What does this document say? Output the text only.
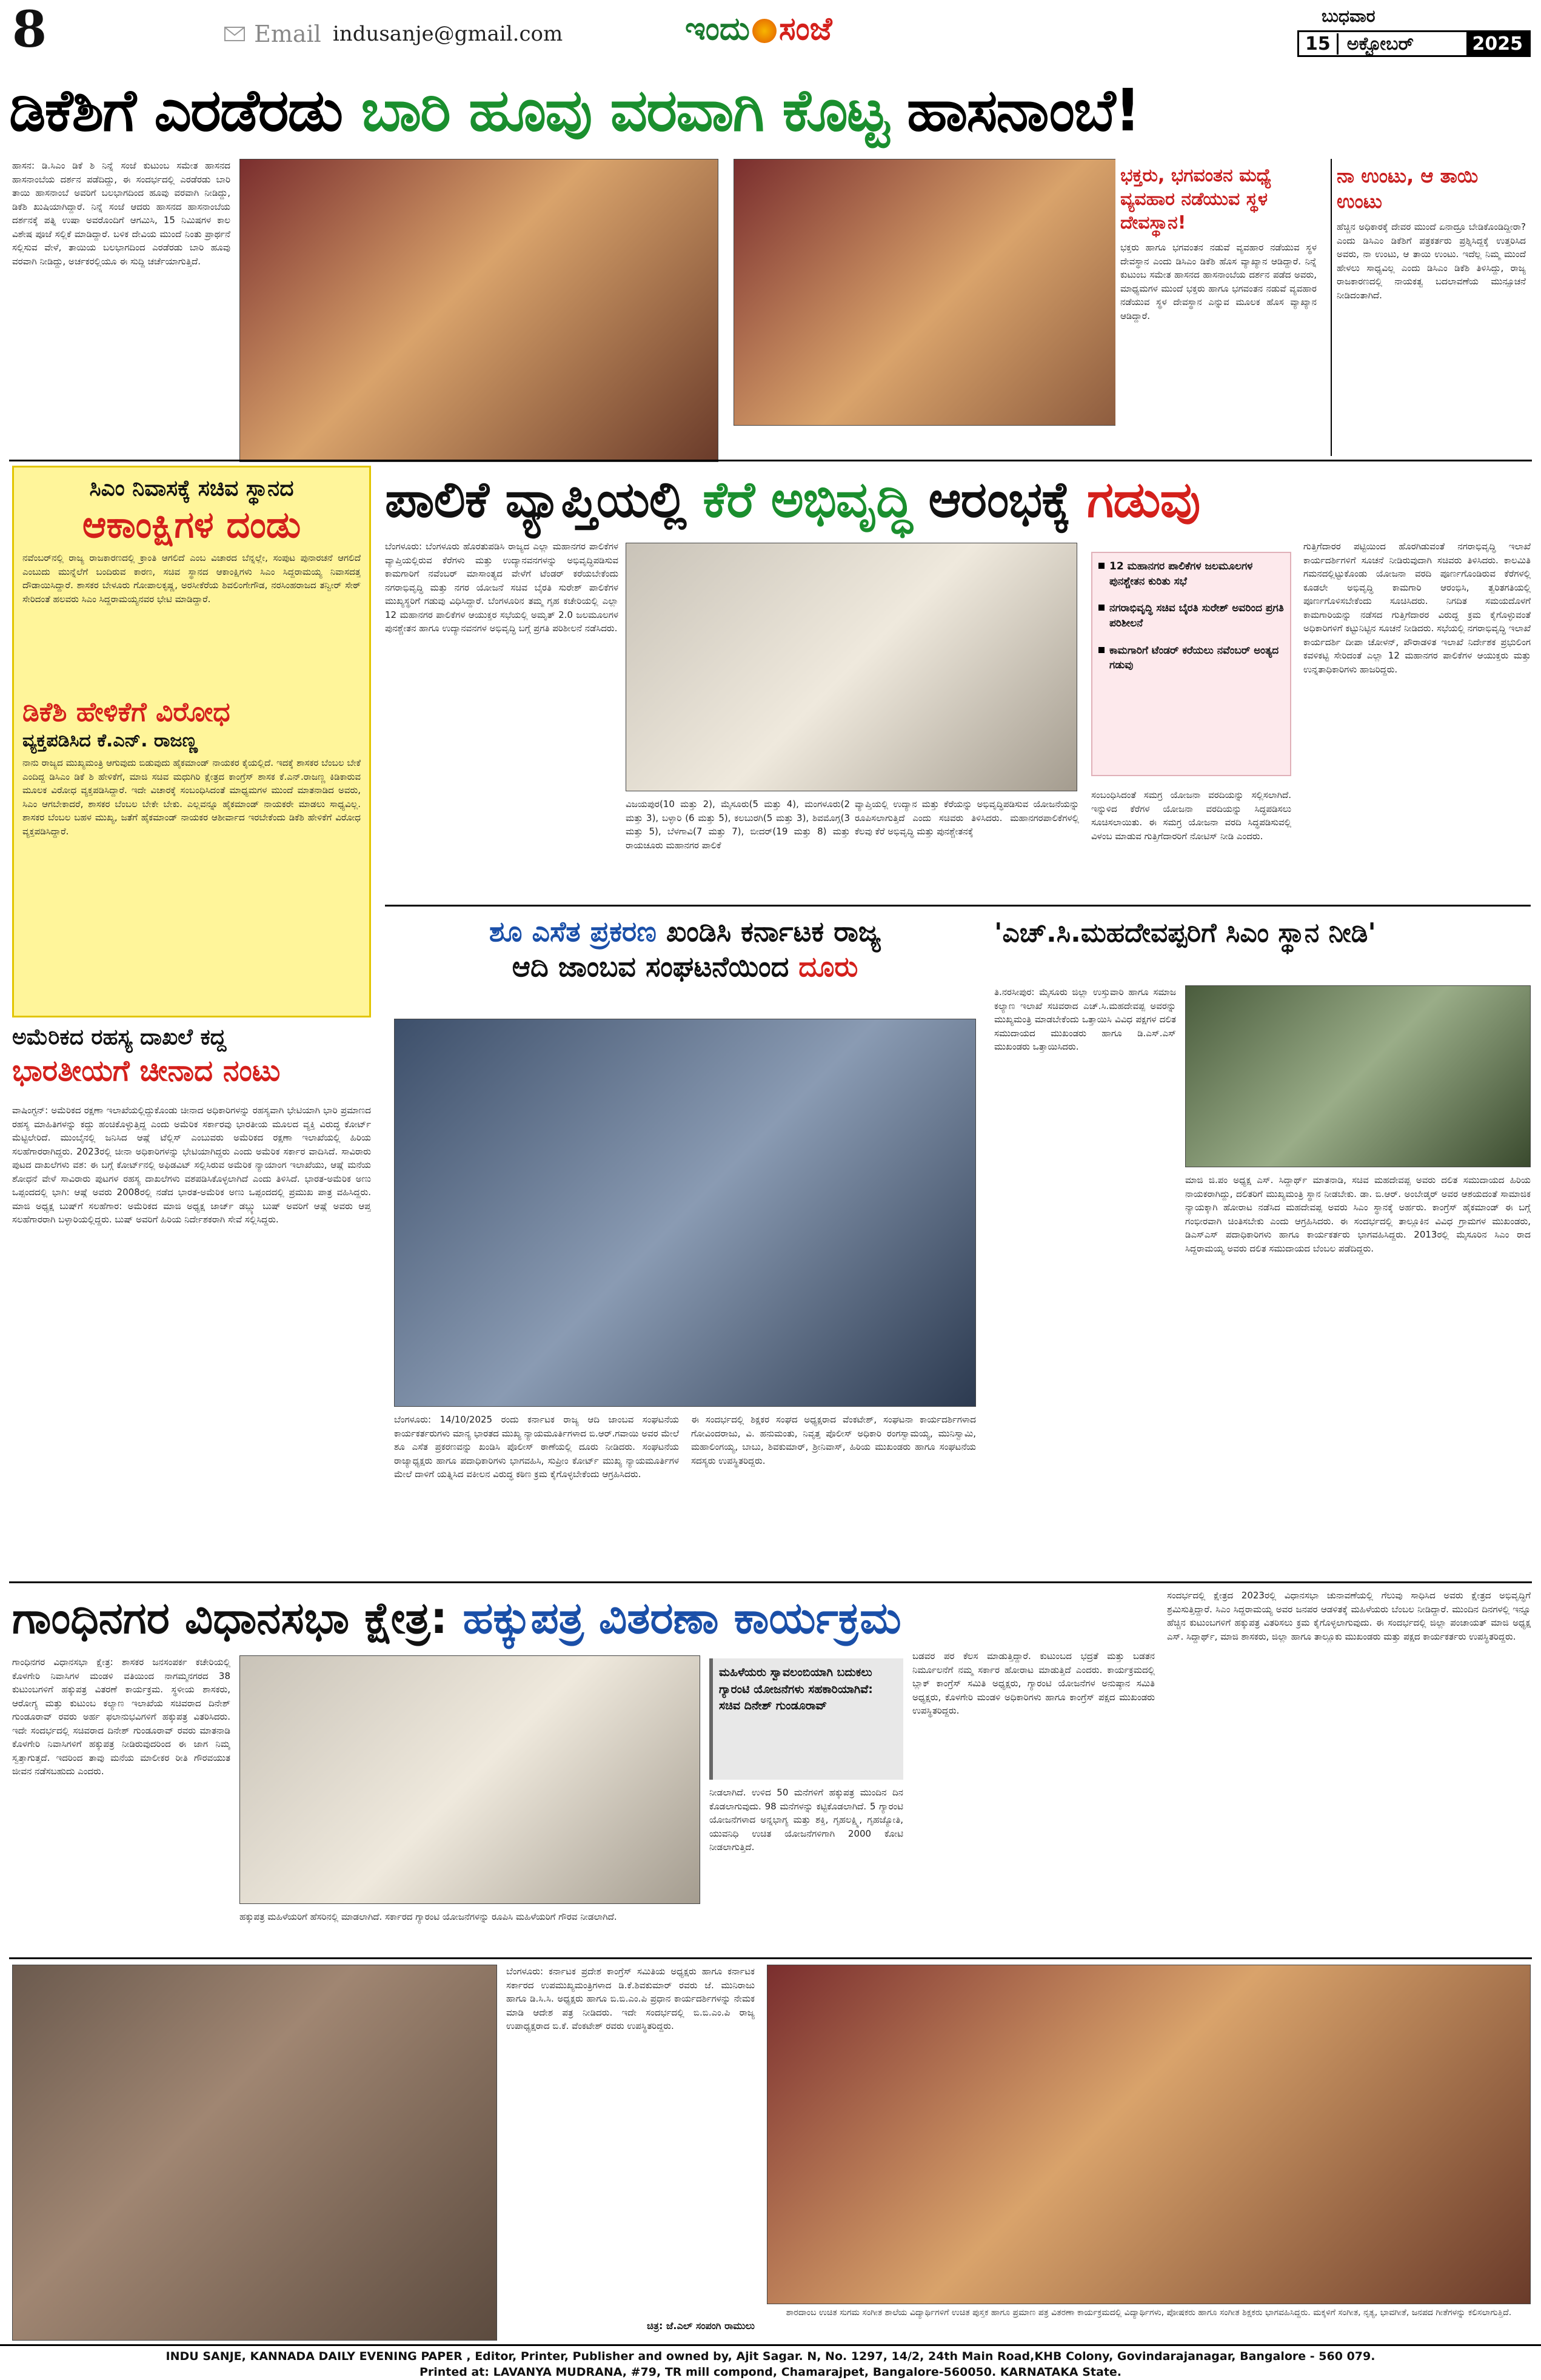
8	Email indusanje@gmail.com	ಇಂದು ಸಂಜೆ	ಬುಧವಾರ
15 ಅಕ್ಟೋಬರ್	2025
ಡಿಕೆಶಿಗೆ ಎರಡೆರಡು ಬಾರಿ ಹೂವು ವರವಾಗಿ ಕೊಟ್ಟ ಹಾಸನಾಂಬೆ!
ಹಾಸನ: ಡಿ.ಸಿಎಂ ಡಿಕೆ ಶಿ ನಿನ್ನೆ ಸಂಜೆ ಕುಟುಂಬ ಸಮೇತ ಹಾಸನದ ಹಾಸನಾಂಬೆಯ ದರ್ಶನ ಪಡೆದಿದ್ದು, ಈ ಸಂದರ್ಭದಲ್ಲಿ ಎರಡೆರಡು ಬಾರಿ ತಾಯಿ ಹಾಸನಾಂಬೆ ಅವರಿಗೆ ಬಲಭಾಗದಿಂದ ಹೂವು ವರವಾಗಿ ನೀಡಿದ್ದು, ಡಿಕೆಶಿ ಖುಷಿಯಾಗಿದ್ದಾರೆ. ನಿನ್ನೆ ಸಂಜೆ ಆದರು ಹಾಸನದ ಹಾಸನಾಂಬೆಯ ದರ್ಶನಕ್ಕೆ ಪತ್ನಿ ಉಷಾ ಅವರೊಂದಿಗೆ ಆಗಮಿಸಿ, 15 ನಿಮಿಷಗಳ ಕಾಲ ವಿಶೇಷ ಪೂಜೆ ಸಲ್ಲಿಕೆ ಮಾಡಿದ್ದಾರೆ. ಬಳಿಕ ದೇವಿಯ ಮುಂದೆ ನಿಂತು ಪ್ರಾರ್ಥನೆ ಸಲ್ಲಿಸುವ ವೇಳೆ, ತಾಯಿಯ ಬಲಭಾಗದಿಂದ ಎರಡೆರಡು ಬಾರಿ ಹೂವು ವರವಾಗಿ ನೀಡಿದ್ದು, ಅರ್ಚಕರಲ್ಲಿಯೂ ಈ ಸುದ್ದಿ ಚರ್ಚೆಯಾಗುತ್ತಿದೆ.
ಭಕ್ತರು, ಭಗವಂತನ ಮಧ್ಯೆ ವ್ಯವಹಾರ ನಡೆಯುವ ಸ್ಥಳ ದೇವಸ್ಥಾನ!
ಭಕ್ತರು ಹಾಗೂ ಭಗವಂತನ ನಡುವೆ ವ್ಯವಹಾರ ನಡೆಯುವ ಸ್ಥಳ ದೇವಸ್ಥಾನ ಎಂದು ಡಿಸಿಎಂ ಡಿಕೆಶಿ ಹೊಸ ವ್ಯಾಖ್ಯಾನ ಆಡಿದ್ದಾರೆ. ನಿನ್ನೆ ಕುಟುಂಬ ಸಮೇತ ಹಾಸನದ ಹಾಸನಾಂಬೆಯ ದರ್ಶನ ಪಡೆದ ಅವರು, ಮಾಧ್ಯಮಗಳ ಮುಂದೆ ಭಕ್ತರು ಹಾಗೂ ಭಗವಂತನ ನಡುವೆ ವ್ಯವಹಾರ ನಡೆಯುವ ಸ್ಥಳ ದೇವಸ್ಥಾನ ಎನ್ನುವ ಮೂಲಕ ಹೊಸ ವ್ಯಾಖ್ಯಾನ ಆಡಿದ್ದಾರೆ.
ನಾ ಉಂಟು, ಆ ತಾಯಿ ಉಂಟು
ಹೆಚ್ಚಿನ ಅಧಿಕಾರಕ್ಕೆ ದೇವರ ಮುಂದೆ ಏನಾದ್ರೂ ಬೇಡಿಕೊಂಡಿದ್ದೀರಾ? ಎಂದು ಡಿಸಿಎಂ ಡಿಕೆಶಿಗೆ ಪತ್ರಕರ್ತರು ಪ್ರಶ್ನಿಸಿದ್ದಕ್ಕೆ ಉತ್ತರಿಸಿದ ಅವರು, ನಾ ಉಂಟು, ಆ ತಾಯಿ ಉಂಟು. ಇದೆಲ್ಲ ನಿಮ್ಮ ಮುಂದೆ ಹೇಳಲು ಸಾಧ್ಯವಿಲ್ಲ ಎಂದು ಡಿಸಿಎಂ ಡಿಕೆಶಿ ತಿಳಿಸಿದ್ದು, ರಾಜ್ಯ ರಾಜಕಾರಣದಲ್ಲಿ ನಾಯಕತ್ವ ಬದಲಾವಣೆಯ ಮುನ್ಸೂಚನೆ ನೀಡಿದಂತಾಗಿದೆ.
ಸಿಎಂ ನಿವಾಸಕ್ಕೆ ಸಚಿವ ಸ್ಥಾನದ
ಆಕಾಂಕ್ಷಿಗಳ ದಂಡು
ನವೆಂಬರ್‌ನಲ್ಲಿ ರಾಜ್ಯ ರಾಜಕಾರಣದಲ್ಲಿ ಕ್ರಾಂತಿ ಆಗಲಿದೆ ಎಂಬ ವಿಚಾರದ ಬೆನ್ನಲ್ಲೇ, ಸಂಪುಟ ಪುನಾರಚನೆ ಆಗಲಿದೆ ಎಂಬುದು ಮುನ್ನೆಲೆಗೆ ಬಂದಿರುವ ಕಾರಣ, ಸಚಿವ ಸ್ಥಾನದ ಆಕಾಂಕ್ಷಿಗಳು ಸಿಎಂ ಸಿದ್ದರಾಮಯ್ಯ ನಿವಾಸದತ್ತ ದೌಡಾಯಿಸಿದ್ದಾರೆ. ಶಾಸಕರ ಬೇಳೂರು ಗೋಪಾಲಕೃಷ್ಣ, ಅರಸೀಕೆರೆಯ ಶಿವಲಿಂಗೇಗೌಡ, ನರಸಿಂಹರಾಜದ ತನ್ವೀರ್ ಸೇಠ್ ಸೇರಿದಂತೆ ಹಲವರು ಸಿಎಂ ಸಿದ್ದರಾಮಯ್ಯನವರ ಭೇಟಿ ಮಾಡಿದ್ದಾರೆ.
ಡಿಕೆಶಿ ಹೇಳಿಕೆಗೆ ವಿರೋಧ
ವ್ಯಕ್ತಪಡಿಸಿದ ಕೆ.ಎನ್. ರಾಜಣ್ಣ
ನಾನು ರಾಜ್ಯದ ಮುಖ್ಯಮಂತ್ರಿ ಆಗುವುದು ಬಿಡುವುದು ಹೈಕಮಾಂಡ್ ನಾಯಕರ ಕೈಯಲ್ಲಿದೆ. ಇದಕ್ಕೆ ಶಾಸಕರ ಬೆಂಬಲ ಬೇಕೆ ಎಂದಿದ್ದ ಡಿಸಿಎಂ ಡಿಕೆ ಶಿ ಹೇಳಿಕೆಗೆ, ಮಾಜಿ ಸಚಿವ ಮಧುಗಿರಿ ಕ್ಷೇತ್ರದ ಕಾಂಗ್ರೆಸ್ ಶಾಸಕ ಕೆ.ಎನ್.ರಾಜಣ್ಣ ಕಿಡಿಕಾರುವ ಮೂಲಕ ವಿರೋಧ ವ್ಯಕ್ತಪಡಿಸಿದ್ದಾರೆ. ಇದೇ ವಿಚಾರಕ್ಕೆ ಸಂಬಂಧಿಸಿದಂತೆ ಮಾಧ್ಯಮಗಳ ಮುಂದೆ ಮಾತನಾಡಿದ ಅವರು, ಸಿಎಂ ಆಗಬೇಕಾದರೆ, ಶಾಸಕರ ಬೆಂಬಲ ಬೇಕೇ ಬೇಕು. ಎಲ್ಲವನ್ನೂ ಹೈಕಮಾಂಡ್ ನಾಯಕರೇ ಮಾಡಲು ಸಾಧ್ಯವಿಲ್ಲ. ಶಾಸಕರ ಬೆಂಬಲ ಬಹಳ ಮುಖ್ಯ, ಜತೆಗೆ ಹೈಕಮಾಂಡ್ ನಾಯಕರ ಆಶೀರ್ವಾದ ಇರಬೇಕೆಂದು ಡಿಕೆಶಿ ಹೇಳಿಕೆಗೆ ವಿರೋಧ ವ್ಯಕ್ತಪಡಿಸಿದ್ದಾರೆ.
ಪಾಲಿಕೆ ವ್ಯಾಪ್ತಿಯಲ್ಲಿ ಕೆರೆ ಅಭಿವೃದ್ಧಿ ಆರಂಭಕ್ಕೆ ಗಡುವು
ಬೆಂಗಳೂರು: ಬೆಂಗಳೂರು ಹೊರತುಪಡಿಸಿ ರಾಜ್ಯದ ಎಲ್ಲಾ ಮಹಾನಗರ ಪಾಲಿಕೆಗಳ ವ್ಯಾಪ್ತಿಯಲ್ಲಿರುವ ಕೆರೆಗಳು ಮತ್ತು ಉದ್ಯಾನವನಗಳನ್ನು ಅಭಿವೃದ್ಧಿಪಡಿಸುವ ಕಾಮಗಾರಿಗೆ ನವೆಂಬರ್ ಮಾಸಾಂತ್ಯದ ವೇಳೆಗೆ ಟೆಂಡರ್ ಕರೆಯಬೇಕೆಂದು ನಗರಾಭಿವೃದ್ಧಿ ಮತ್ತು ನಗರ ಯೋಜನೆ ಸಚಿವ ಬೈರತಿ ಸುರೇಶ್ ಪಾಲಿಕೆಗಳ ಮುಖ್ಯಸ್ಥರಿಗೆ ಗಡುವು ವಿಧಿಸಿದ್ದಾರೆ. ಬೆಂಗಳೂರಿನ ತಮ್ಮ ಗೃಹ ಕಚೇರಿಯಲ್ಲಿ ಎಲ್ಲಾ 12 ಮಹಾನಗರ ಪಾಲಿಕೆಗಳ ಆಯುಕ್ತರ ಸಭೆಯಲ್ಲಿ ಅಮೃತ್ 2.0 ಜಲಮೂಲಗಳ ಪುನಶ್ಚೇತನ ಹಾಗೂ ಉದ್ಯಾನವನಗಳ ಅಭಿವೃದ್ಧಿ ಬಗ್ಗೆ ಪ್ರಗತಿ ಪರಿಶೀಲನೆ ನಡೆಸಿದರು.
ವಿಜಯಪುರ(10 ಮತ್ತು 2), ಮೈಸೂರು(5 ಮತ್ತು 4), ಮಂಗಳೂರು(2 ಮತ್ತು 3), ಬಳ್ಳಾರಿ (6 ಮತ್ತು 5), ಕಲಬುರಗಿ(5 ಮತ್ತು 3), ಶಿವಮೊಗ್ಗ(3 ಮತ್ತು 5), ಬೆಳಗಾವಿ(7 ಮತ್ತು 7), ಬೀದರ್(19 ಮತ್ತು 8) ಮತ್ತು ರಾಯಚೂರು ಮಹಾನಗರ ಪಾಲಿಕೆ
ವ್ಯಾಪ್ತಿಯಲ್ಲಿ ಉದ್ಯಾನ ಮತ್ತು ಕೆರೆಯನ್ನು ಅಭಿವೃದ್ಧಿಪಡಿಸುವ ಯೋಜನೆಯನ್ನು ರೂಪಿಸಲಾಗುತ್ತಿದೆ ಎಂದು ಸಚಿವರು ತಿಳಿಸಿದರು. ಮಹಾನಗರಪಾಲಿಕೆಗಳಲ್ಲಿ ಕೆಲವು ಕೆರೆ ಅಭಿವೃದ್ಧಿ ಮತ್ತು ಪುನಶ್ಚೇತನಕ್ಕೆ
12 ಮಹಾನಗರ ಪಾಲಿಕೆಗಳ ಜಲಮೂಲಗಳ ಪುನಶ್ಚೇತನ ಕುರಿತು ಸಭೆ
ನಗರಾಭಿವೃದ್ಧಿ ಸಚಿವ ಬೈರತಿ ಸುರೇಶ್ ಅವರಿಂದ ಪ್ರಗತಿ ಪರಿಶೀಲನೆ
ಕಾಮಗಾರಿಗೆ ಟೆಂಡರ್ ಕರೆಯಲು ನವೆಂಬರ್ ಅಂತ್ಯದ ಗಡುವು
ಸಂಬಂಧಿಸಿದಂತೆ ಸಮಗ್ರ ಯೋಜನಾ ವರದಿಯನ್ನು ಸಲ್ಲಿಸಲಾಗಿದೆ. ಇನ್ನುಳಿದ ಕೆರೆಗಳ ಯೋಜನಾ ವರದಿಯನ್ನು ಸಿದ್ಧಪಡಿಸಲು ಸೂಚಿಸಲಾಯಿತು. ಈ ಸಮಗ್ರ ಯೋಜನಾ ವರದಿ ಸಿದ್ಧಪಡಿಸುವಲ್ಲಿ ವಿಳಂಬ ಮಾಡುವ ಗುತ್ತಿಗೆದಾರರಿಗೆ ನೋಟಿಸ್ ನೀಡಿ ಎಂದರು.
ಗುತ್ತಿಗೆದಾರರ ಪಟ್ಟಿಯಿಂದ ಹೊರಗಿಡುವಂತೆ ನಗರಾಭಿವೃದ್ಧಿ ಇಲಾಖೆ ಕಾರ್ಯದರ್ಶಿಗಳಿಗೆ ಸೂಚನೆ ನೀಡಿರುವುದಾಗಿ ಸಚಿವರು ತಿಳಿಸಿದರು. ಕಾಲಮಿತಿ ಗಮನದಲ್ಲಿಟ್ಟುಕೊಂಡು ಯೋಜನಾ ವರದಿ ಪೂರ್ಣಗೊಂಡಿರುವ ಕೆರೆಗಳಲ್ಲಿ ಕೂಡಲೇ ಅಭಿವೃದ್ಧಿ ಕಾಮಗಾರಿ ಆರಂಭಿಸಿ, ತ್ವರಿತಗತಿಯಲ್ಲಿ ಪೂರ್ಣಗೊಳಿಸಬೇಕೆಂದು ಸೂಚಿಸಿದರು. ನಿಗದಿತ ಸಮಯದೊಳಗೆ ಕಾಮಗಾರಿಯನ್ನು ನಡೆಸದ ಗುತ್ತಿಗೆದಾರರ ವಿರುದ್ಧ ಕ್ರಮ ಕೈಗೊಳ್ಳುವಂತೆ ಅಧಿಕಾರಿಗಳಿಗೆ ಕಟ್ಟುನಿಟ್ಟಿನ ಸೂಚನೆ ನೀಡಿದರು. ಸಭೆಯಲ್ಲಿ ನಗರಾಭಿವೃದ್ಧಿ ಇಲಾಖೆ ಕಾರ್ಯದರ್ಶಿ ದೀಪಾ ಚೋಳನ್, ಪೌರಾಡಳಿತ ಇಲಾಖೆ ನಿರ್ದೇಶಕ ಪ್ರಭುಲಿಂಗ ಕವಳಿಕಟ್ಟಿ ಸೇರಿದಂತೆ ಎಲ್ಲಾ 12 ಮಹಾನಗರ ಪಾಲಿಕೆಗಳ ಆಯುಕ್ತರು ಮತ್ತು ಉನ್ನತಾಧಿಕಾರಿಗಳು ಹಾಜರಿದ್ದರು.
ಅಮೆರಿಕದ ರಹಸ್ಯ ದಾಖಲೆ ಕದ್ದ
ಭಾರತೀಯಗೆ ಚೀನಾದ ನಂಟು
ವಾಷಿಂಗ್ಟನ್: ಅಮೆರಿಕದ ರಕ್ಷಣಾ ಇಲಾಖೆಯಲ್ಲಿದ್ದುಕೊಂಡು ಚೀನಾದ ಅಧಿಕಾರಿಗಳನ್ನು ರಹಸ್ಯವಾಗಿ ಭೇಟಿಯಾಗಿ ಭಾರಿ ಪ್ರಮಾಣದ ರಹಸ್ಯ ಮಾಹಿತಿಗಳನ್ನು ಕದ್ದು ಹಂಚಿಕೊಳ್ಳುತ್ತಿದ್ದ ಎಂದು ಅಮೆರಿಕ ಸರ್ಕಾರವು ಭಾರತೀಯ ಮೂಲದ ವ್ಯಕ್ತಿ ವಿರುದ್ಧ ಕೋರ್ಟ್ ಮೆಟ್ಟಿಲೇರಿದೆ. ಮುಂಬೈನಲ್ಲಿ ಜನಿಸಿದ ಆಷ್ಲೆ ಟೆಲ್ಲಿಸ್ ಎಂಬುವರು ಅಮೆರಿಕದ ರಕ್ಷಣಾ ಇಲಾಖೆಯಲ್ಲಿ ಹಿರಿಯ ಸಲಹೆಗಾರರಾಗಿದ್ದರು. 2023ರಲ್ಲಿ ಚೀನಾ ಅಧಿಕಾರಿಗಳನ್ನು ಭೇಟಿಯಾಗಿದ್ದರು ಎಂದು ಅಮೆರಿಕ ಸರ್ಕಾರ ವಾದಿಸಿದೆ. ಸಾವಿರಾರು ಪುಟದ ದಾಖಲೆಗಳು ವಶ: ಈ ಬಗ್ಗೆ ಕೋರ್ಟ್‌ನಲ್ಲಿ ಅಫಿಡವಿಟ್ ಸಲ್ಲಿಸಿರುವ ಅಮೆರಿಕ ನ್ಯಾಯಾಂಗ ಇಲಾಖೆಯು, ಆಷ್ಲೆ ಮನೆಯ ಶೋಧನೆ ವೇಳೆ ಸಾವಿರಾರು ಪುಟಗಳ ರಹಸ್ಯ ದಾಖಲೆಗಳು ವಶಪಡಿಸಿಕೊಳ್ಳಲಾಗಿದೆ ಎಂದು ತಿಳಿಸಿದೆ. ಭಾರತ-ಅಮೆರಿಕ ಅಣು ಒಪ್ಪಂದದಲ್ಲಿ ಭಾಗಿ: ಆಷ್ಲೆ ಅವರು 2008ರಲ್ಲಿ ನಡೆದ ಭಾರತ-ಅಮೆರಿಕ ಅಣು ಒಪ್ಪಂದದಲ್ಲಿ ಪ್ರಮುಖ ಪಾತ್ರ ವಹಿಸಿದ್ದರು. ಮಾಜಿ ಅಧ್ಯಕ್ಷ ಬುಷ್‌ಗೆ ಸಲಹೆಗಾರ: ಅಮೆರಿಕದ ಮಾಜಿ ಅಧ್ಯಕ್ಷ ಜಾರ್ಜ್ ಡಬ್ಲ್ಯು ಬುಷ್ ಅವರಿಗೆ ಆಷ್ಲೆ ಅವರು ಆಪ್ತ ಸಲಹೆಗಾರರಾಗಿ ಬಳ್ಳಾರಿಯಲ್ಲಿದ್ದರು. ಬುಷ್ ಅವರಿಗೆ ಹಿರಿಯ ನಿರ್ದೇಶಕರಾಗಿ ಸೇವೆ ಸಲ್ಲಿಸಿದ್ದರು.
ಶೂ ಎಸೆತ ಪ್ರಕರಣ ಖಂಡಿಸಿ ಕರ್ನಾಟಕ ರಾಜ್ಯ
ಆದಿ ಜಾಂಬವ ಸಂಘಟನೆಯಿಂದ ದೂರು
ಬೆಂಗಳೂರು: 14/10/2025 ರಂದು ಕರ್ನಾಟಕ ರಾಜ್ಯ ಆದಿ ಜಾಂಬವ ಸಂಘಟನೆಯ ಕಾರ್ಯಕರ್ತರುಗಳು ಮಾನ್ಯ ಭಾರತದ ಮುಖ್ಯ ನ್ಯಾಯಮೂರ್ತಿಗಳಾದ ಬಿ.ಆರ್.ಗವಾಯಿ ಅವರ ಮೇಲೆ ಶೂ ಎಸೆತ ಪ್ರಕರಣವನ್ನು ಖಂಡಿಸಿ ಪೊಲೀಸ್ ಠಾಣೆಯಲ್ಲಿ ದೂರು ನೀಡಿದರು. ಸಂಘಟನೆಯ ರಾಜ್ಯಾಧ್ಯಕ್ಷರು ಹಾಗೂ ಪದಾಧಿಕಾರಿಗಳು ಭಾಗವಹಿಸಿ, ಸುಪ್ರೀಂ ಕೋರ್ಟ್ ಮುಖ್ಯ ನ್ಯಾಯಮೂರ್ತಿಗಳ ಮೇಲೆ ದಾಳಿಗೆ ಯತ್ನಿಸಿದ ವಕೀಲನ ವಿರುದ್ಧ ಕಠಿಣ ಕ್ರಮ ಕೈಗೊಳ್ಳಬೇಕೆಂದು ಆಗ್ರಹಿಸಿದರು.
ಈ ಸಂದರ್ಭದಲ್ಲಿ ಶಿಕ್ಷಕರ ಸಂಘದ ಅಧ್ಯಕ್ಷರಾದ ವೆಂಕಟೇಶ್, ಸಂಘಟನಾ ಕಾರ್ಯದರ್ಶಿಗಳಾದ ಗೋವಿಂದರಾಜು, ವಿ. ಹನುಮಂತು, ನಿವೃತ್ತ ಪೊಲೀಸ್ ಅಧಿಕಾರಿ ರಂಗಸ್ವಾಮಯ್ಯ, ಮುನಿಸ್ವಾಮಿ, ಮಹಾಲಿಂಗಯ್ಯ, ಬಾಬು, ಶಿವಕುಮಾರ್, ಶ್ರೀನಿವಾಸ್, ಹಿರಿಯ ಮುಖಂಡರು ಹಾಗೂ ಸಂಘಟನೆಯ ಸದಸ್ಯರು ಉಪಸ್ಥಿತರಿದ್ದರು.
'ಎಚ್.ಸಿ.ಮಹದೇವಪ್ಪರಿಗೆ ಸಿಎಂ ಸ್ಥಾನ ನೀಡಿ'
ತಿ.ನರಸೀಪುರ: ಮೈಸೂರು ಜಿಲ್ಲಾ ಉಸ್ತುವಾರಿ ಹಾಗೂ ಸಮಾಜ ಕಲ್ಯಾಣ ಇಲಾಖೆ ಸಚಿವರಾದ ಎಚ್.ಸಿ.ಮಹದೇವಪ್ಪ ಅವರನ್ನು ಮುಖ್ಯಮಂತ್ರಿ ಮಾಡಬೇಕೆಂದು ಒತ್ತಾಯಿಸಿ ವಿವಿಧ ಪಕ್ಷಗಳ ದಲಿತ ಸಮುದಾಯದ ಮುಖಂಡರು ಹಾಗೂ ಡಿ.ಎಸ್.ಎಸ್ ಮುಖಂಡರು ಒತ್ತಾಯಿಸಿದರು.
ಮಾಜಿ ಜಿ.ಪಂ ಅಧ್ಯಕ್ಷ ಎಸ್. ಸಿದ್ದಾರ್ಥ್ ಮಾತನಾಡಿ, ಸಚಿವ ಮಹದೇವಪ್ಪ ಅವರು ದಲಿತ ಸಮುದಾಯದ ಹಿರಿಯ ನಾಯಕರಾಗಿದ್ದು, ದಲಿತರಿಗೆ ಮುಖ್ಯಮಂತ್ರಿ ಸ್ಥಾನ ನೀಡಬೇಕು. ಡಾ. ಬಿ.ಆರ್. ಅಂಬೇಡ್ಕರ್ ಅವರ ಆಶಯದಂತೆ ಸಾಮಾಜಿಕ ನ್ಯಾಯಕ್ಕಾಗಿ ಹೋರಾಟ ನಡೆಸಿದ ಮಹದೇವಪ್ಪ ಅವರು ಸಿಎಂ ಸ್ಥಾನಕ್ಕೆ ಅರ್ಹರು. ಕಾಂಗ್ರೆಸ್ ಹೈಕಮಾಂಡ್ ಈ ಬಗ್ಗೆ ಗಂಭೀರವಾಗಿ ಚಿಂತಿಸಬೇಕು ಎಂದು ಆಗ್ರಹಿಸಿದರು. ಈ ಸಂದರ್ಭದಲ್ಲಿ ತಾಲ್ಲೂಕಿನ ವಿವಿಧ ಗ್ರಾಮಗಳ ಮುಖಂಡರು, ಡಿಎಸ್‌ಎಸ್ ಪದಾಧಿಕಾರಿಗಳು ಹಾಗೂ ಕಾರ್ಯಕರ್ತರು ಭಾಗವಹಿಸಿದ್ದರು. 2013ರಲ್ಲಿ ಮೈಸೂರಿನ ಸಿಎಂ ರಾದ ಸಿದ್ದರಾಮಯ್ಯ ಅವರು ದಲಿತ ಸಮುದಾಯದ ಬೆಂಬಲ ಪಡೆದಿದ್ದರು.
ಗಾಂಧಿನಗರ ವಿಧಾನಸಭಾ ಕ್ಷೇತ್ರ: ಹಕ್ಕುಪತ್ರ ವಿತರಣಾ ಕಾರ್ಯಕ್ರಮ
ಗಾಂಧಿನಗರ ವಿಧಾನಸಭಾ ಕ್ಷೇತ್ರ: ಶಾಸಕರ ಜನಸಂಪರ್ಕ ಕಚೇರಿಯಲ್ಲಿ ಕೊಳಗೇರಿ ನಿವಾಸಿಗಳ ಮಂಡಳಿ ವತಿಯಿಂದ ನಾಗಮ್ಮನಗರದ 38 ಕುಟುಂಬಗಳಿಗೆ ಹಕ್ಕುಪತ್ರ ವಿತರಣೆ ಕಾರ್ಯಕ್ರಮ. ಸ್ಥಳೀಯ ಶಾಸಕರು, ಆರೋಗ್ಯ ಮತ್ತು ಕುಟುಂಬ ಕಲ್ಯಾಣ ಇಲಾಖೆಯ ಸಚಿವರಾದ ದಿನೇಶ್ ಗುಂಡೂರಾವ್ ರವರು ಅರ್ಹ ಫಲಾನುಭವಿಗಳಿಗೆ ಹಕ್ಕುಪತ್ರ ವಿತರಿಸಿದರು. ಇದೇ ಸಂದರ್ಭದಲ್ಲಿ ಸಚಿವರಾದ ದಿನೇಶ್ ಗುಂಡೂರಾವ್ ರವರು ಮಾತನಾಡಿ ಕೊಳಗೇರಿ ನಿವಾಸಿಗಳಿಗೆ ಹಕ್ಕುಪತ್ರ ನೀಡಿರುವುದರಿಂದ ಈ ಜಾಗ ನಿಮ್ಮ ಸ್ವತ್ತಾಗುತ್ತದೆ. ಇದರಿಂದ ತಾವು ಮನೆಯ ಮಾಲೀಕರ ರೀತಿ ಗೌರವಯುತ ಜೀವನ ನಡೆಸಬಹುದು ಎಂದರು.
ಹಕ್ಕುಪತ್ರ ಮಹಿಳೆಯರಿಗೆ ಹೆಸರಿನಲ್ಲಿ ಮಾಡಲಾಗಿದೆ. ಸರ್ಕಾರದ ಗ್ಯಾರಂಟಿ ಯೋಜನೆಗಳನ್ನು ರೂಪಿಸಿ ಮಹಿಳೆಯರಿಗೆ ಗೌರವ ನೀಡಲಾಗಿದೆ.
ಮಹಿಳೆಯರು ಸ್ವಾವಲಂಬಿಯಾಗಿ ಬದುಕಲು ಗ್ಯಾರಂಟಿ ಯೋಜನೆಗಳು ಸಹಕಾರಿಯಾಗಿವೆ: ಸಚಿವ ದಿನೇಶ್ ಗುಂಡೂರಾವ್
ನೀಡಲಾಗಿದೆ. ಉಳಿದ 50 ಮನೆಗಳಿಗೆ ಹಕ್ಕುಪತ್ರ ಮುಂದಿನ ದಿನ ಕೊಡಲಾಗುವುದು. 98 ಮನೆಗಳನ್ನು ಕಟ್ಟಿಕೊಡಲಾಗಿದೆ. 5 ಗ್ಯಾರಂಟಿ ಯೋಜನೆಗಳಾದ ಅನ್ನಭಾಗ್ಯ ಮತ್ತು ಶಕ್ತಿ, ಗೃಹಲಕ್ಷ್ಮಿ, ಗೃಹಜ್ಯೋತಿ, ಯುವನಿಧಿ ಉಚಿತ ಯೋಜನೆಗಳಿಗಾಗಿ 2000 ಕೋಟಿ ನೀಡಲಾಗುತ್ತಿದೆ.
ಬಡವರ ಪರ ಕೆಲಸ ಮಾಡುತ್ತಿದ್ದಾರೆ. ಕುಟುಂಬದ ಭದ್ರತೆ ಮತ್ತು ಬಡತನ ನಿರ್ಮೂಲನೆಗೆ ನಮ್ಮ ಸರ್ಕಾರ ಹೋರಾಟ ಮಾಡುತ್ತಿದೆ ಎಂದರು. ಕಾರ್ಯಕ್ರಮದಲ್ಲಿ ಬ್ಲಾಕ್ ಕಾಂಗ್ರೆಸ್ ಸಮಿತಿ ಅಧ್ಯಕ್ಷರು, ಗ್ಯಾರಂಟಿ ಯೋಜನೆಗಳ ಅನುಷ್ಠಾನ ಸಮಿತಿ ಅಧ್ಯಕ್ಷರು, ಕೊಳಗೇರಿ ಮಂಡಳಿ ಅಧಿಕಾರಿಗಳು ಹಾಗೂ ಕಾಂಗ್ರೆಸ್ ಪಕ್ಷದ ಮುಖಂಡರು ಉಪಸ್ಥಿತರಿದ್ದರು.
ಸಂದರ್ಭದಲ್ಲಿ ಕ್ಷೇತ್ರದ 2023ರಲ್ಲಿ ವಿಧಾನಸಭಾ ಚುನಾವಣೆಯಲ್ಲಿ ಗೆಲುವು ಸಾಧಿಸಿದ ಅವರು ಕ್ಷೇತ್ರದ ಅಭಿವೃದ್ಧಿಗೆ ಶ್ರಮಿಸುತ್ತಿದ್ದಾರೆ. ಸಿಎಂ ಸಿದ್ದರಾಮಯ್ಯ ಅವರ ಜನಪರ ಆಡಳಿತಕ್ಕೆ ಮಹಿಳೆಯರು ಬೆಂಬಲ ನೀಡಿದ್ದಾರೆ. ಮುಂದಿನ ದಿನಗಳಲ್ಲಿ ಇನ್ನೂ ಹೆಚ್ಚಿನ ಕುಟುಂಬಗಳಿಗೆ ಹಕ್ಕುಪತ್ರ ವಿತರಿಸಲು ಕ್ರಮ ಕೈಗೊಳ್ಳಲಾಗುವುದು. ಈ ಸಂದರ್ಭದಲ್ಲಿ ಜಿಲ್ಲಾ ಪಂಚಾಯತ್ ಮಾಜಿ ಅಧ್ಯಕ್ಷ ಎಸ್. ಸಿದ್ದಾರ್ಥ್, ಮಾಜಿ ಶಾಸಕರು, ಜಿಲ್ಲಾ ಹಾಗೂ ತಾಲ್ಲೂಕು ಮುಖಂಡರು ಮತ್ತು ಪಕ್ಷದ ಕಾರ್ಯಕರ್ತರು ಉಪಸ್ಥಿತರಿದ್ದರು.
ಬೆಂಗಳೂರು: ಕರ್ನಾಟಕ ಪ್ರದೇಶ ಕಾಂಗ್ರೆಸ್ ಸಮಿತಿಯ ಅಧ್ಯಕ್ಷರು ಹಾಗೂ ಕರ್ನಾಟಕ ಸರ್ಕಾರದ ಉಪಮುಖ್ಯಮಂತ್ರಿಗಳಾದ ಡಿ.ಕೆ.ಶಿವಕುಮಾರ್ ರವರು ಜೆ. ಮುನಿರಾಜು ಹಾಗೂ ಡಿ.ಸಿ.ಸಿ. ಅಧ್ಯಕ್ಷರು ಹಾಗೂ ಬಿ.ಬಿ.ಎಂ.ಪಿ ಪ್ರಧಾನ ಕಾರ್ಯದರ್ಶಿಗಳನ್ನು ನೇಮಕ ಮಾಡಿ ಆದೇಶ ಪತ್ರ ನೀಡಿದರು. ಇದೇ ಸಂದರ್ಭದಲ್ಲಿ ಬಿ.ಬಿ.ಎಂ.ಪಿ ರಾಜ್ಯ ಉಪಾಧ್ಯಕ್ಷರಾದ ಬಿ.ಕೆ. ವೆಂಕಟೇಶ್ ರವರು ಉಪಸ್ಥಿತರಿದ್ದರು.
ಚಿತ್ರ: ಜೆ.ಎಲ್ ಸಂಪಂಗಿ ರಾಮುಲು
ಶಾರದಾಂಬ ಉಚಿತ ಸುಗಮ ಸಂಗೀತ ಶಾಲೆಯ ವಿದ್ಯಾರ್ಥಿಗಳಿಗೆ ಉಚಿತ ಪುಸ್ತಕ ಹಾಗೂ ಪ್ರಮಾಣ ಪತ್ರ ವಿತರಣಾ ಕಾರ್ಯಕ್ರಮದಲ್ಲಿ ವಿದ್ಯಾರ್ಥಿಗಳು, ಪೋಷಕರು ಹಾಗೂ ಸಂಗೀತ ಶಿಕ್ಷಕರು ಭಾಗವಹಿಸಿದ್ದರು. ಮಕ್ಕಳಿಗೆ ಸಂಗೀತ, ನೃತ್ಯ, ಭಾವಗೀತೆ, ಜನಪದ ಗೀತೆಗಳನ್ನು ಕಲಿಸಲಾಗುತ್ತಿದೆ.
INDU SANJE, KANNADA DAILY EVENING PAPER , Editor, Printer, Publisher and owned by, Ajit Sagar. N, No. 1297, 14/2, 24th Main Road,KHB Colony, Govindarajanagar, Bangalore - 560 079.
Printed at: LAVANYA MUDRANA, #79, TR mill compond, Chamarajpet, Bangalore-560050. KARNATAKA State.
